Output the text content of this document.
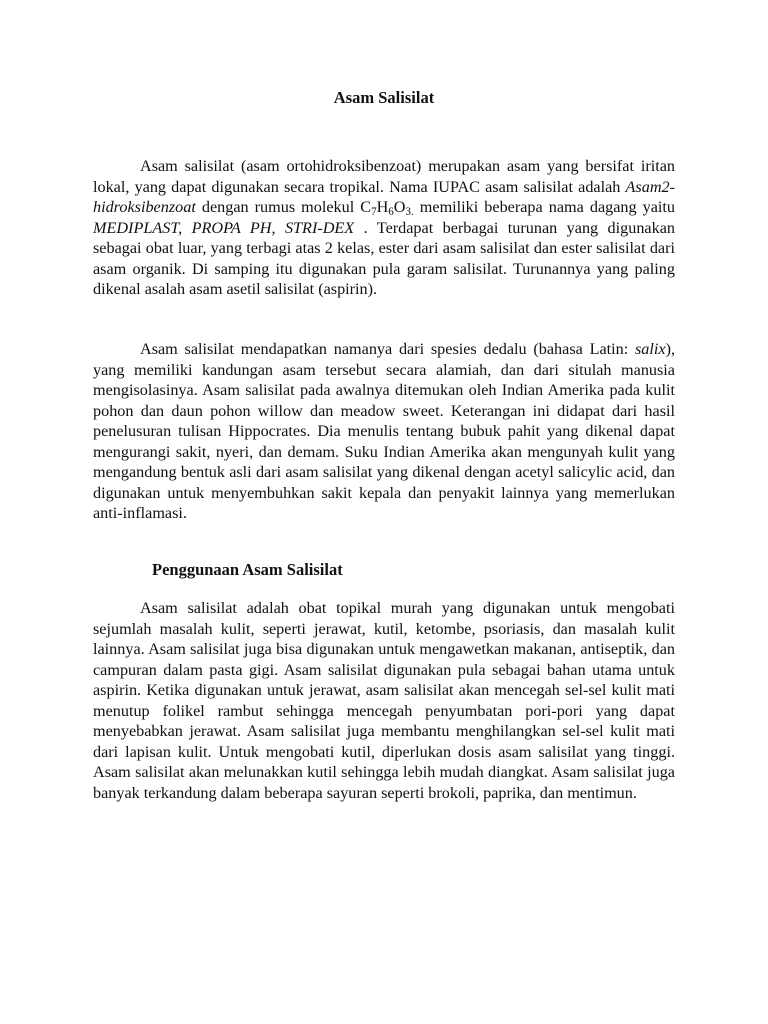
Asam Salisilat

Asam salisilat (asam ortohidroksibenzoat) merupakan asam yang bersifat iritan lokal, yang dapat digunakan secara tropikal. Nama IUPAC asam salisilat adalah Asam2-hidroksibenzoat dengan rumus molekul $C_7H_6O_{3.}$ memiliki beberapa nama dagang yaitu MEDIPLAST, PROPA PH, STRI-DEX . Terdapat berbagai turunan yang digunakan sebagai obat luar, yang terbagi atas 2 kelas, ester dari asam salisilat dan ester salisilat dari asam organik. Di samping itu digunakan pula garam salisilat. Turunannya yang paling dikenal asalah asam asetil salisilat (aspirin).

Asam salisilat mendapatkan namanya dari spesies dedalu (bahasa Latin: salix), yang memiliki kandungan asam tersebut secara alamiah, dan dari situlah manusia mengisolasinya. Asam salisilat pada awalnya ditemukan oleh Indian Amerika pada kulit pohon dan daun pohon willow dan meadow sweet. Keterangan ini didapat dari hasil penelusuran tulisan Hippocrates. Dia menulis tentang bubuk pahit yang dikenal dapat mengurangi sakit, nyeri, dan demam. Suku Indian Amerika akan mengunyah kulit yang mengandung bentuk asli dari asam salisilat yang dikenal dengan acetyl salicylic acid, dan digunakan untuk menyembuhkan sakit kepala dan penyakit lainnya yang memerlukan anti-inflamasi.

Penggunaan Asam Salisilat

Asam salisilat adalah obat topikal murah yang digunakan untuk mengobati sejumlah masalah kulit, seperti jerawat, kutil, ketombe, psoriasis, dan masalah kulit lainnya. Asam salisilat juga bisa digunakan untuk mengawetkan makanan, antiseptik, dan campuran dalam pasta gigi. Asam salisilat digunakan pula sebagai bahan utama untuk aspirin. Ketika digunakan untuk jerawat, asam salisilat akan mencegah sel-sel kulit mati menutup folikel rambut sehingga mencegah penyumbatan pori-pori yang dapat menyebabkan jerawat. Asam salisilat juga membantu menghilangkan sel-sel kulit mati dari lapisan kulit. Untuk mengobati kutil, diperlukan dosis asam salisilat yang tinggi. Asam salisilat akan melunakkan kutil sehingga lebih mudah diangkat. Asam salisilat juga banyak terkandung dalam beberapa sayuran seperti brokoli, paprika, dan mentimun.
